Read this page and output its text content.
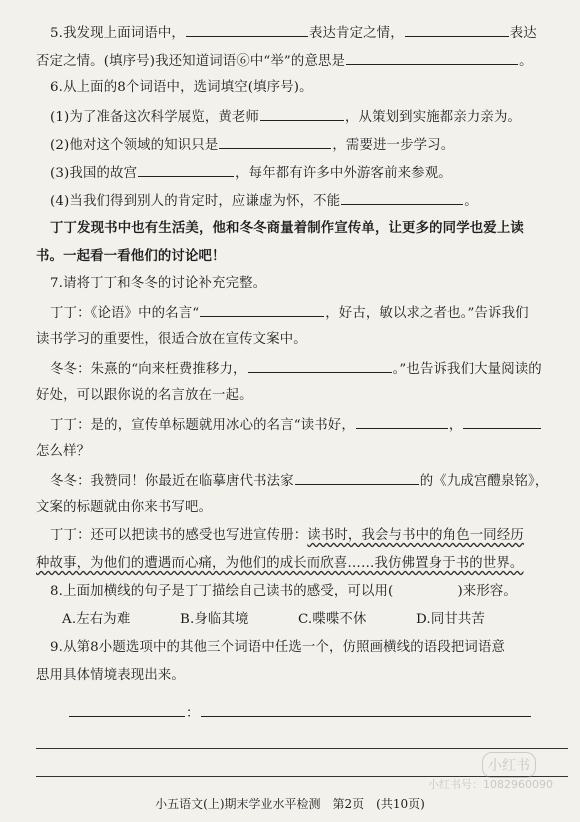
5.我发现上面词语中，	表达肯定之情，	表达
否定之情。(填序号)我还知道词语⑥中“举”的意思是	。
6.从上面的8个词语中，选词填空(填序号)。
(1)为了准备这次科学展览，黄老师	，从策划到实施都亲力亲为。
(2)他对这个领域的知识只是	，需要进一步学习。
(3)我国的故宫	，每年都有许多中外游客前来参观。
(4)当我们得到别人的肯定时，应谦虚为怀，不能	。
丁丁发现书中也有生活美，他和冬冬商量着制作宣传单，让更多的同学也爱上读
书。一起看一看他们的讨论吧！
7.请将丁丁和冬冬的讨论补充完整。
丁丁：《论语》中的名言“	，好古，敏以求之者也。”告诉我们
读书学习的重要性，很适合放在宣传文案中。
冬冬：朱熹的“向来枉费推移力，	。”也告诉我们大量阅读的
好处，可以跟你说的名言放在一起。
丁丁：是的，宣传单标题就用冰心的名言“读书好，	，
怎么样？
冬冬：我赞同！你最近在临摹唐代书法家	的《九成宫醴泉铭》，
文案的标题就由你来书写吧。
丁丁：还可以把读书的感受也写进宣传册：读书时，我会与书中的角色一同经历
种故事，为他们的遭遇而心痛，为他们的成长而欣喜……我仿佛置身于书的世界。
8.上面加横线的句子是丁丁描绘自己读书的感受，可以用(	)来形容。
A.左右为难	B.身临其境	C.喋喋不休	D.同甘共苦
9.从第8小题选项中的其他三个词语中任选一个，仿照画横线的语段把词语意
思用具体情境表现出来。
：
小五语文(上)期末学业水平检测　第2页　(共10页)
小红书
小红书号：1082960090
